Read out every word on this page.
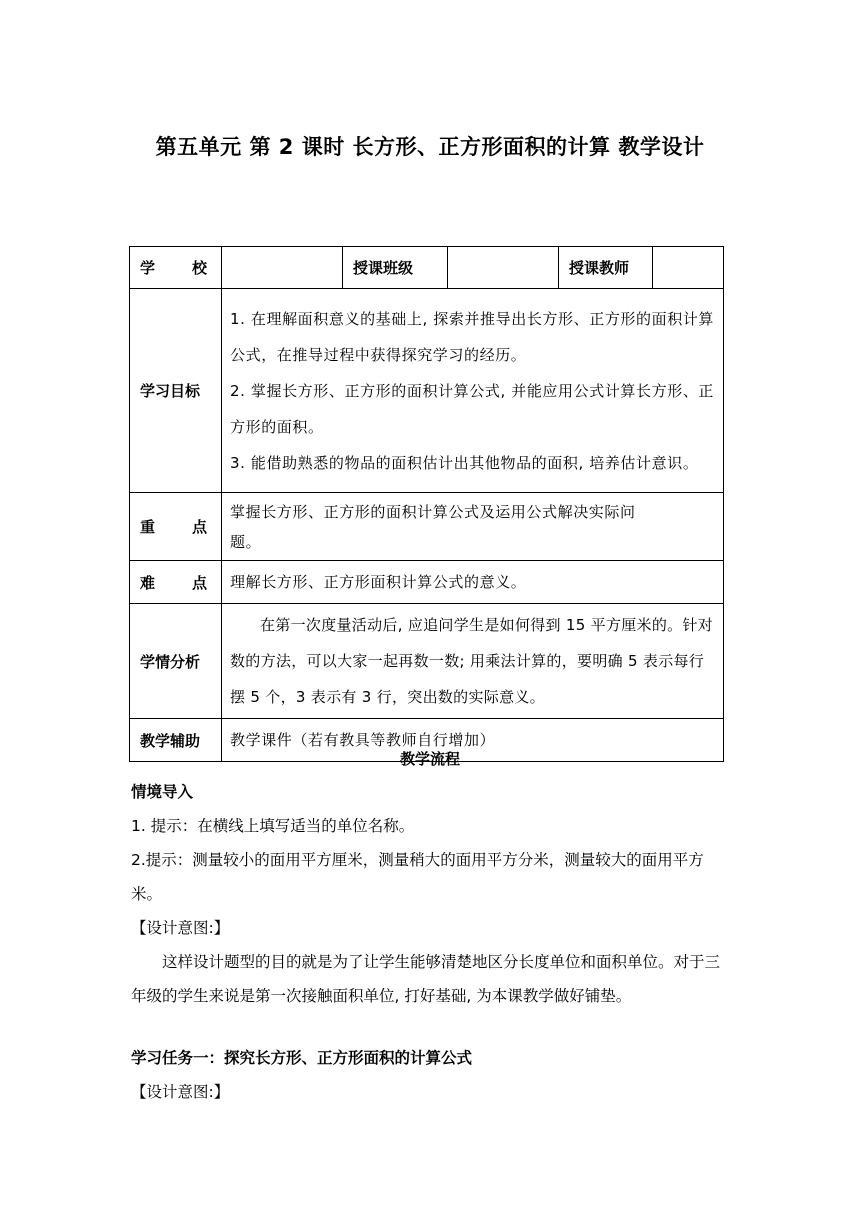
第五单元 第 2 课时 长方形、正方形面积的计算 教学设计
学 校		授课班级		授课教师	
学习目标	1. 在理解面积意义的基础上, 探索并推导出长方形、正方形的面积计算公式，在推导过程中获得探究学习的经历。

2. 掌握长方形、正方形的面积计算公式, 并能应用公式计算长方形、正方形的面积。

3. 能借助熟悉的物品的面积估计出其他物品的面积, 培养估计意识。				

重 点	掌握长方形、正方形的面积计算公式及运用公式解决实际问题。				

难 点	理解长方形、正方形面积计算公式的意义。				
学情分析	在第一次度量活动后, 应追问学生是如何得到 15 平方厘米的。针对数的方法，可以大家一起再数一数; 用乘法计算的，要明确 5 表示每行摆 5 个，3 表示有 3 行，突出数的实际意义。				

教学辅助	教学课件（若有教具等教师自行增加）				
教学流程

情境导入

1. 提示：在横线上填写适当的单位名称。

2.提示：测量较小的面用平方厘米，测量稍大的面用平方分米，测量较大的面用平方米。

【设计意图:】

这样设计题型的目的就是为了让学生能够清楚地区分长度单位和面积单位。对于三年级的学生来说是第一次接触面积单位, 打好基础, 为本课教学做好铺垫。

学习任务一：探究长方形、正方形面积的计算公式

【设计意图:】
